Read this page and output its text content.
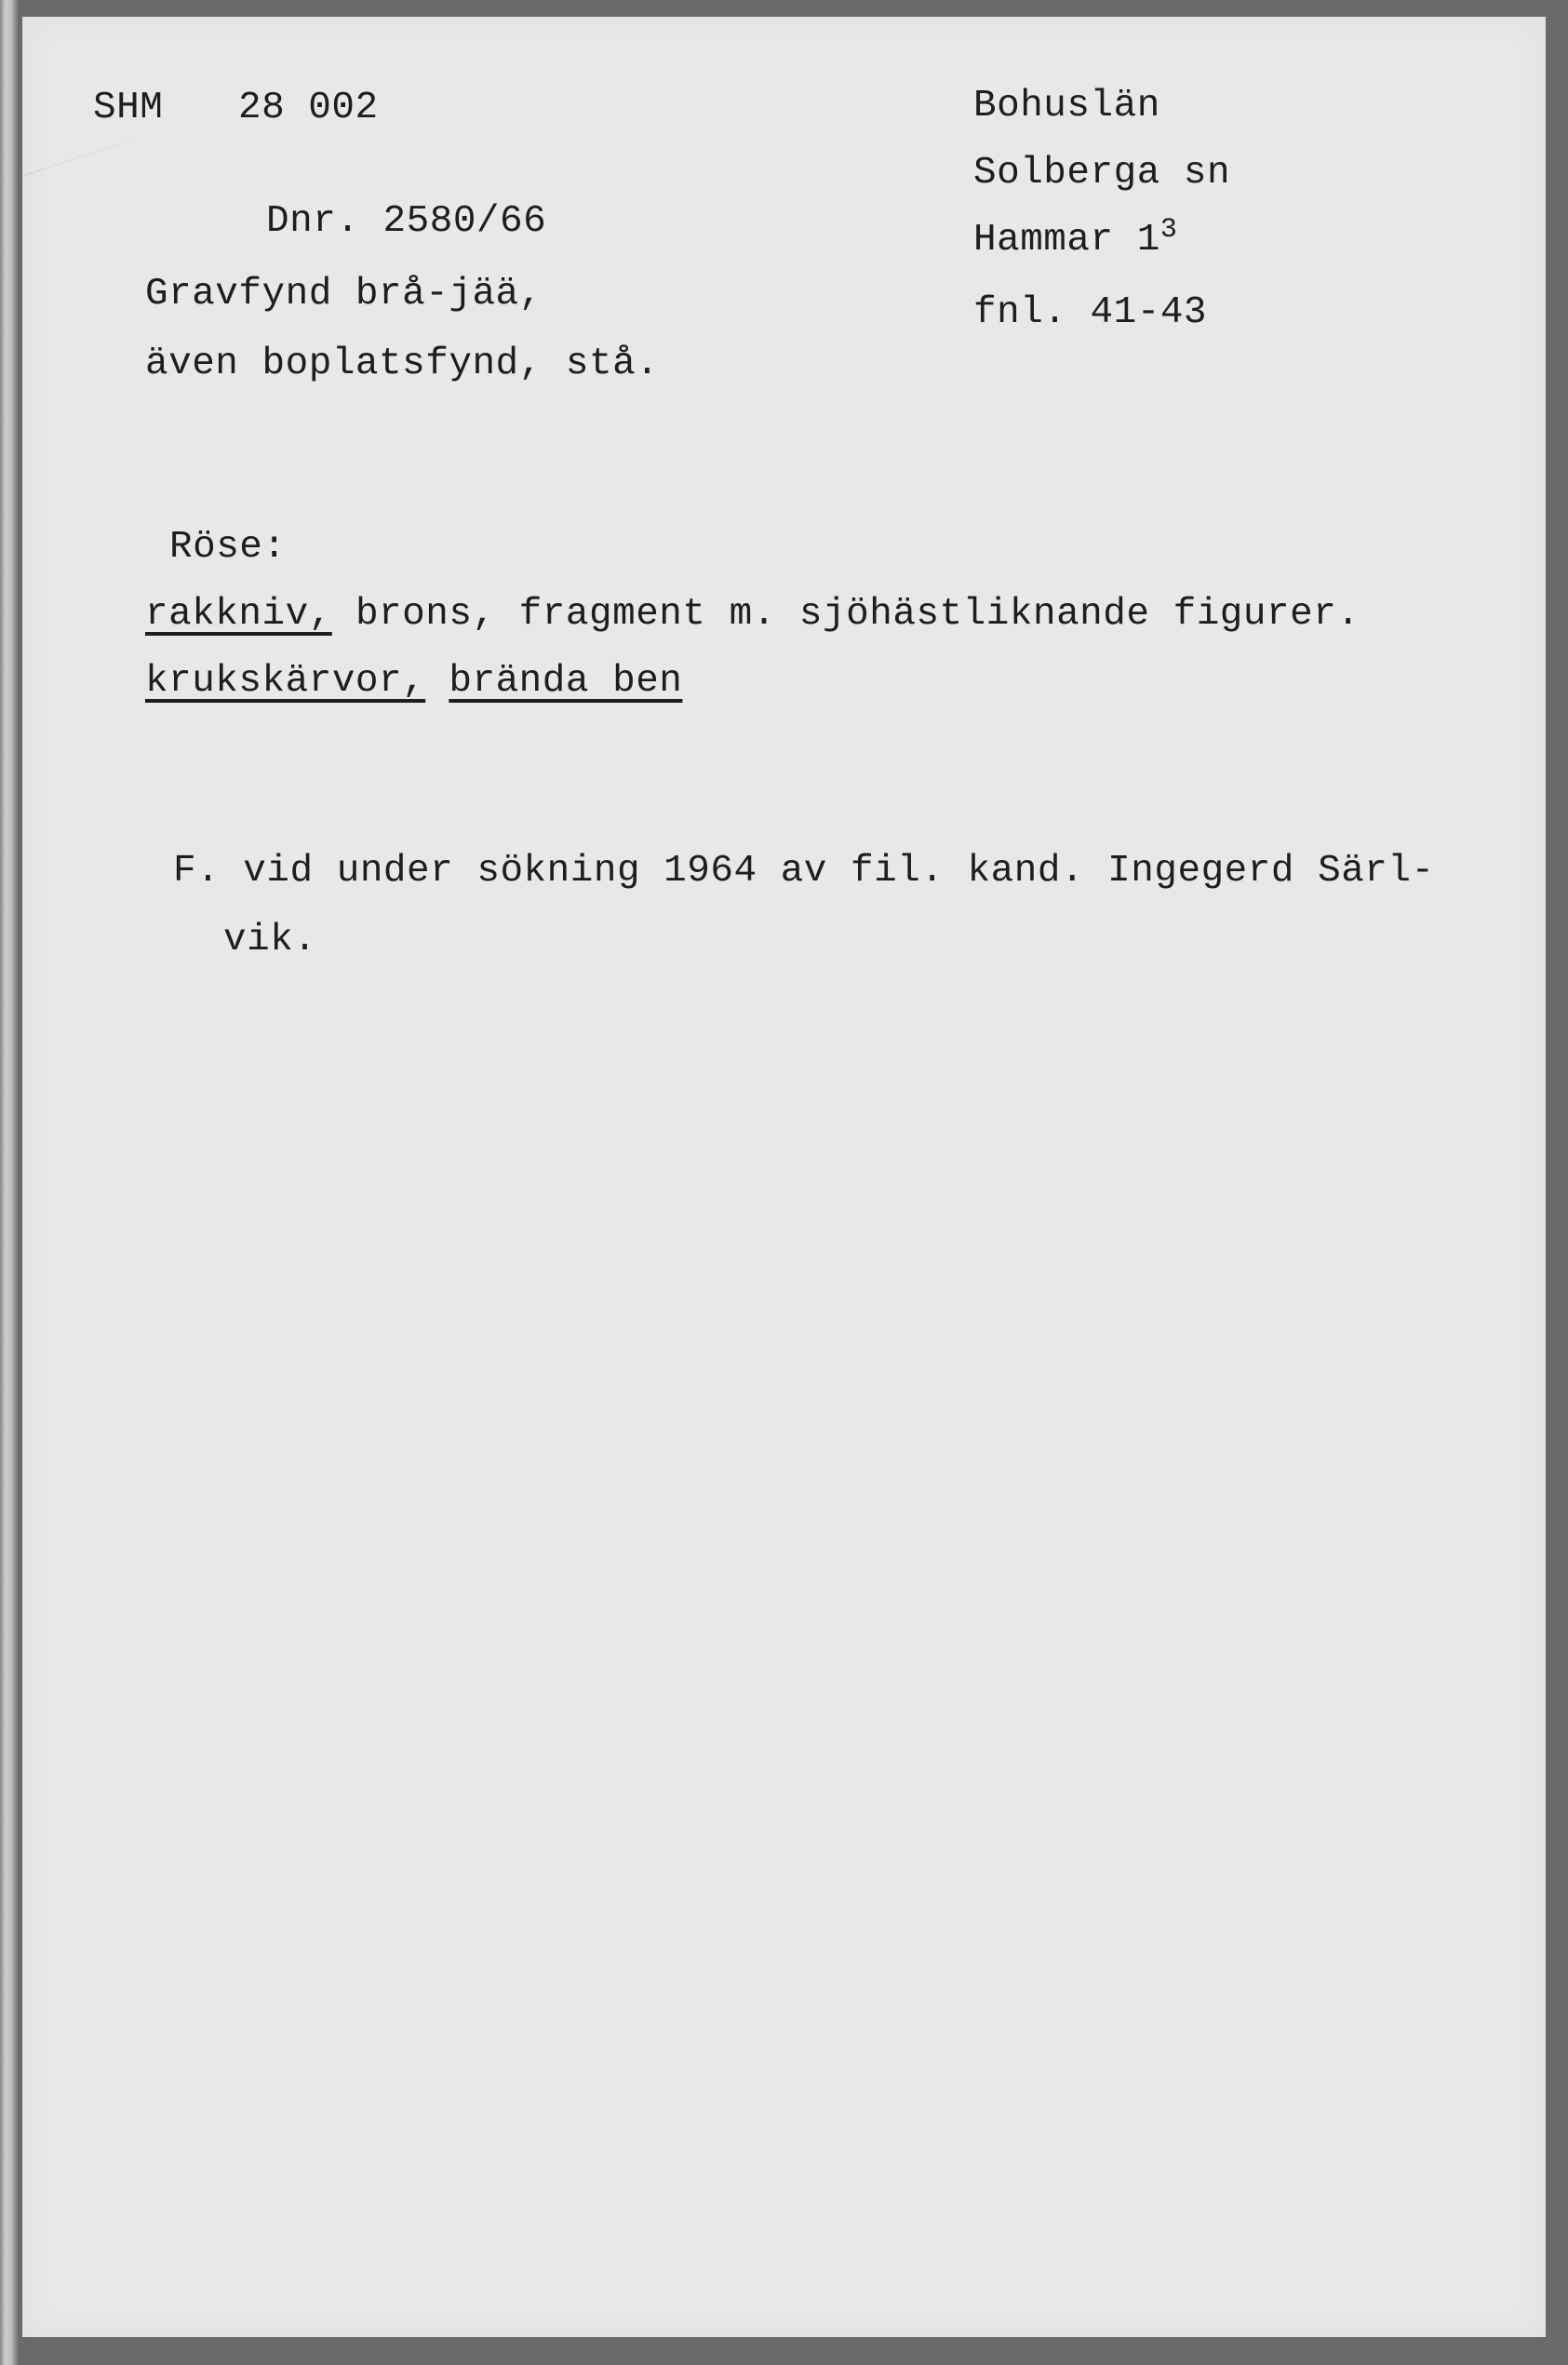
SHM 28 002
Dnr. 2580/66
Gravfynd brå-jää,
även boplatsfynd, stå.
Bohuslän
Solberga sn
Hammar $1^3$
fnl. 41-43
Röse:
rakkniv, brons, fragment m. sjöhästliknande figurer.
krukskärvor, brända ben
F. vid under sökning 1964 av fil. kand. Ingegerd Särl-
vik.
